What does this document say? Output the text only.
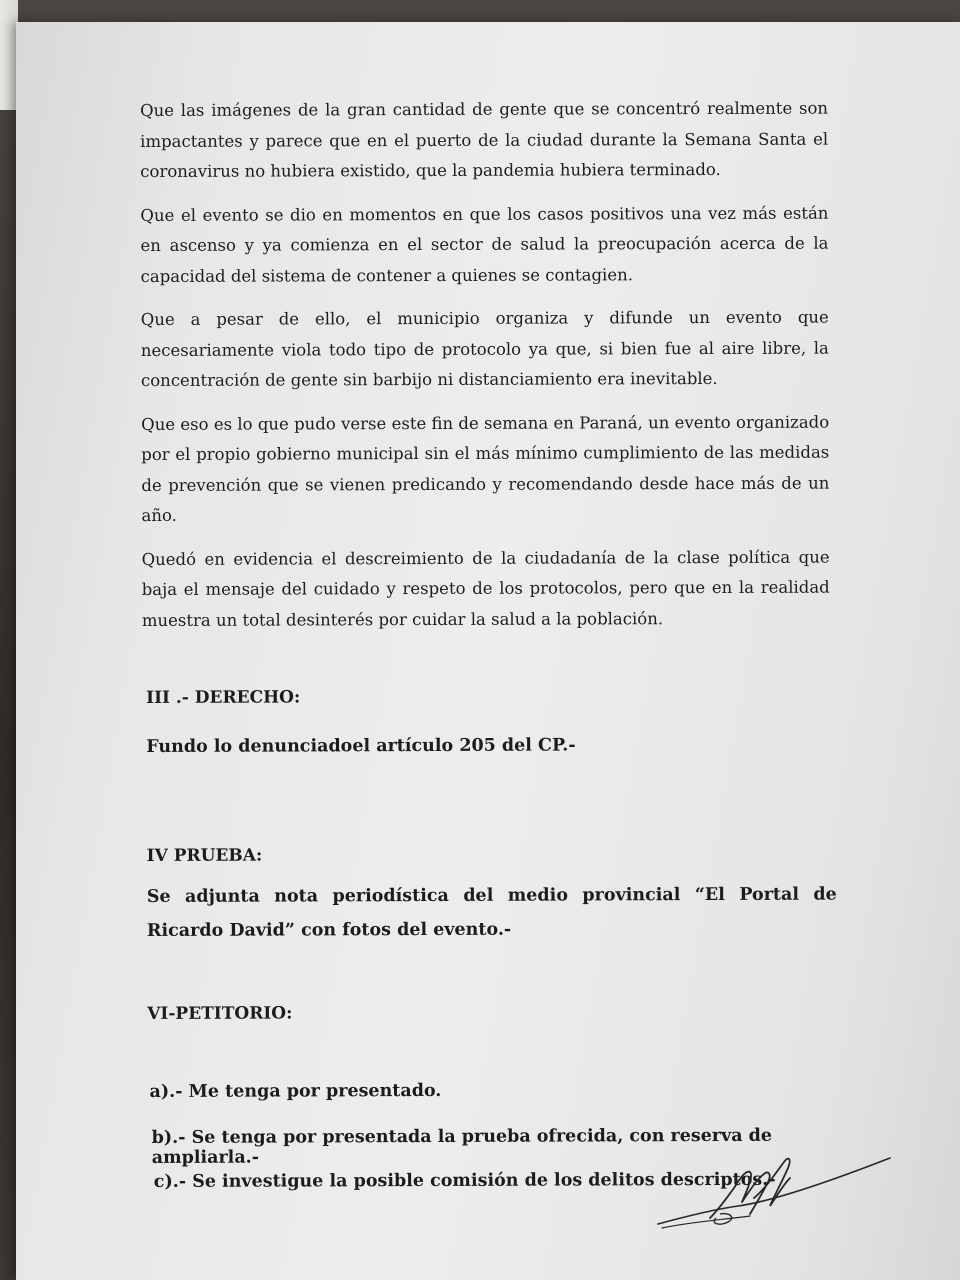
Que las imágenes de la gran cantidad de gente que se concentró realmente son impactantes y parece que en el puerto de la ciudad durante la Semana Santa el coronavirus no hubiera existido, que la pandemia hubiera terminado.

Que el evento se dio en momentos en que los casos positivos una vez más están en ascenso y ya comienza en el sector de salud la preocupación acerca de la capacidad del sistema de contener a quienes se contagien.

Que a pesar de ello, el municipio organiza y difunde un evento que necesariamente viola todo tipo de protocolo ya que, si bien fue al aire libre, la concentración de gente sin barbijo ni distanciamiento era inevitable.

Que eso es lo que pudo verse este fin de semana en Paraná, un evento organizado por el propio gobierno municipal sin el más mínimo cumplimiento de las medidas de prevención que se vienen predicando y recomendando desde hace más de un año.

Quedó en evidencia el descreimiento de la ciudadanía de la clase política que baja el mensaje del cuidado y respeto de los protocolos, pero que en la realidad muestra un total desinterés por cuidar la salud a la población.

III .- DERECHO:

Fundo lo denunciadoel artículo 205 del CP.-

IV PRUEBA:

Se adjunta nota periodística del medio provincial “El Portal de Ricardo David” con fotos del evento.-

VI-PETITORIO:

a).- Me tenga por presentado.

b).- Se tenga por presentada la prueba ofrecida, con reserva de ampliarla.-

c).- Se investigue la posible comisión de los delitos descriptos.-
